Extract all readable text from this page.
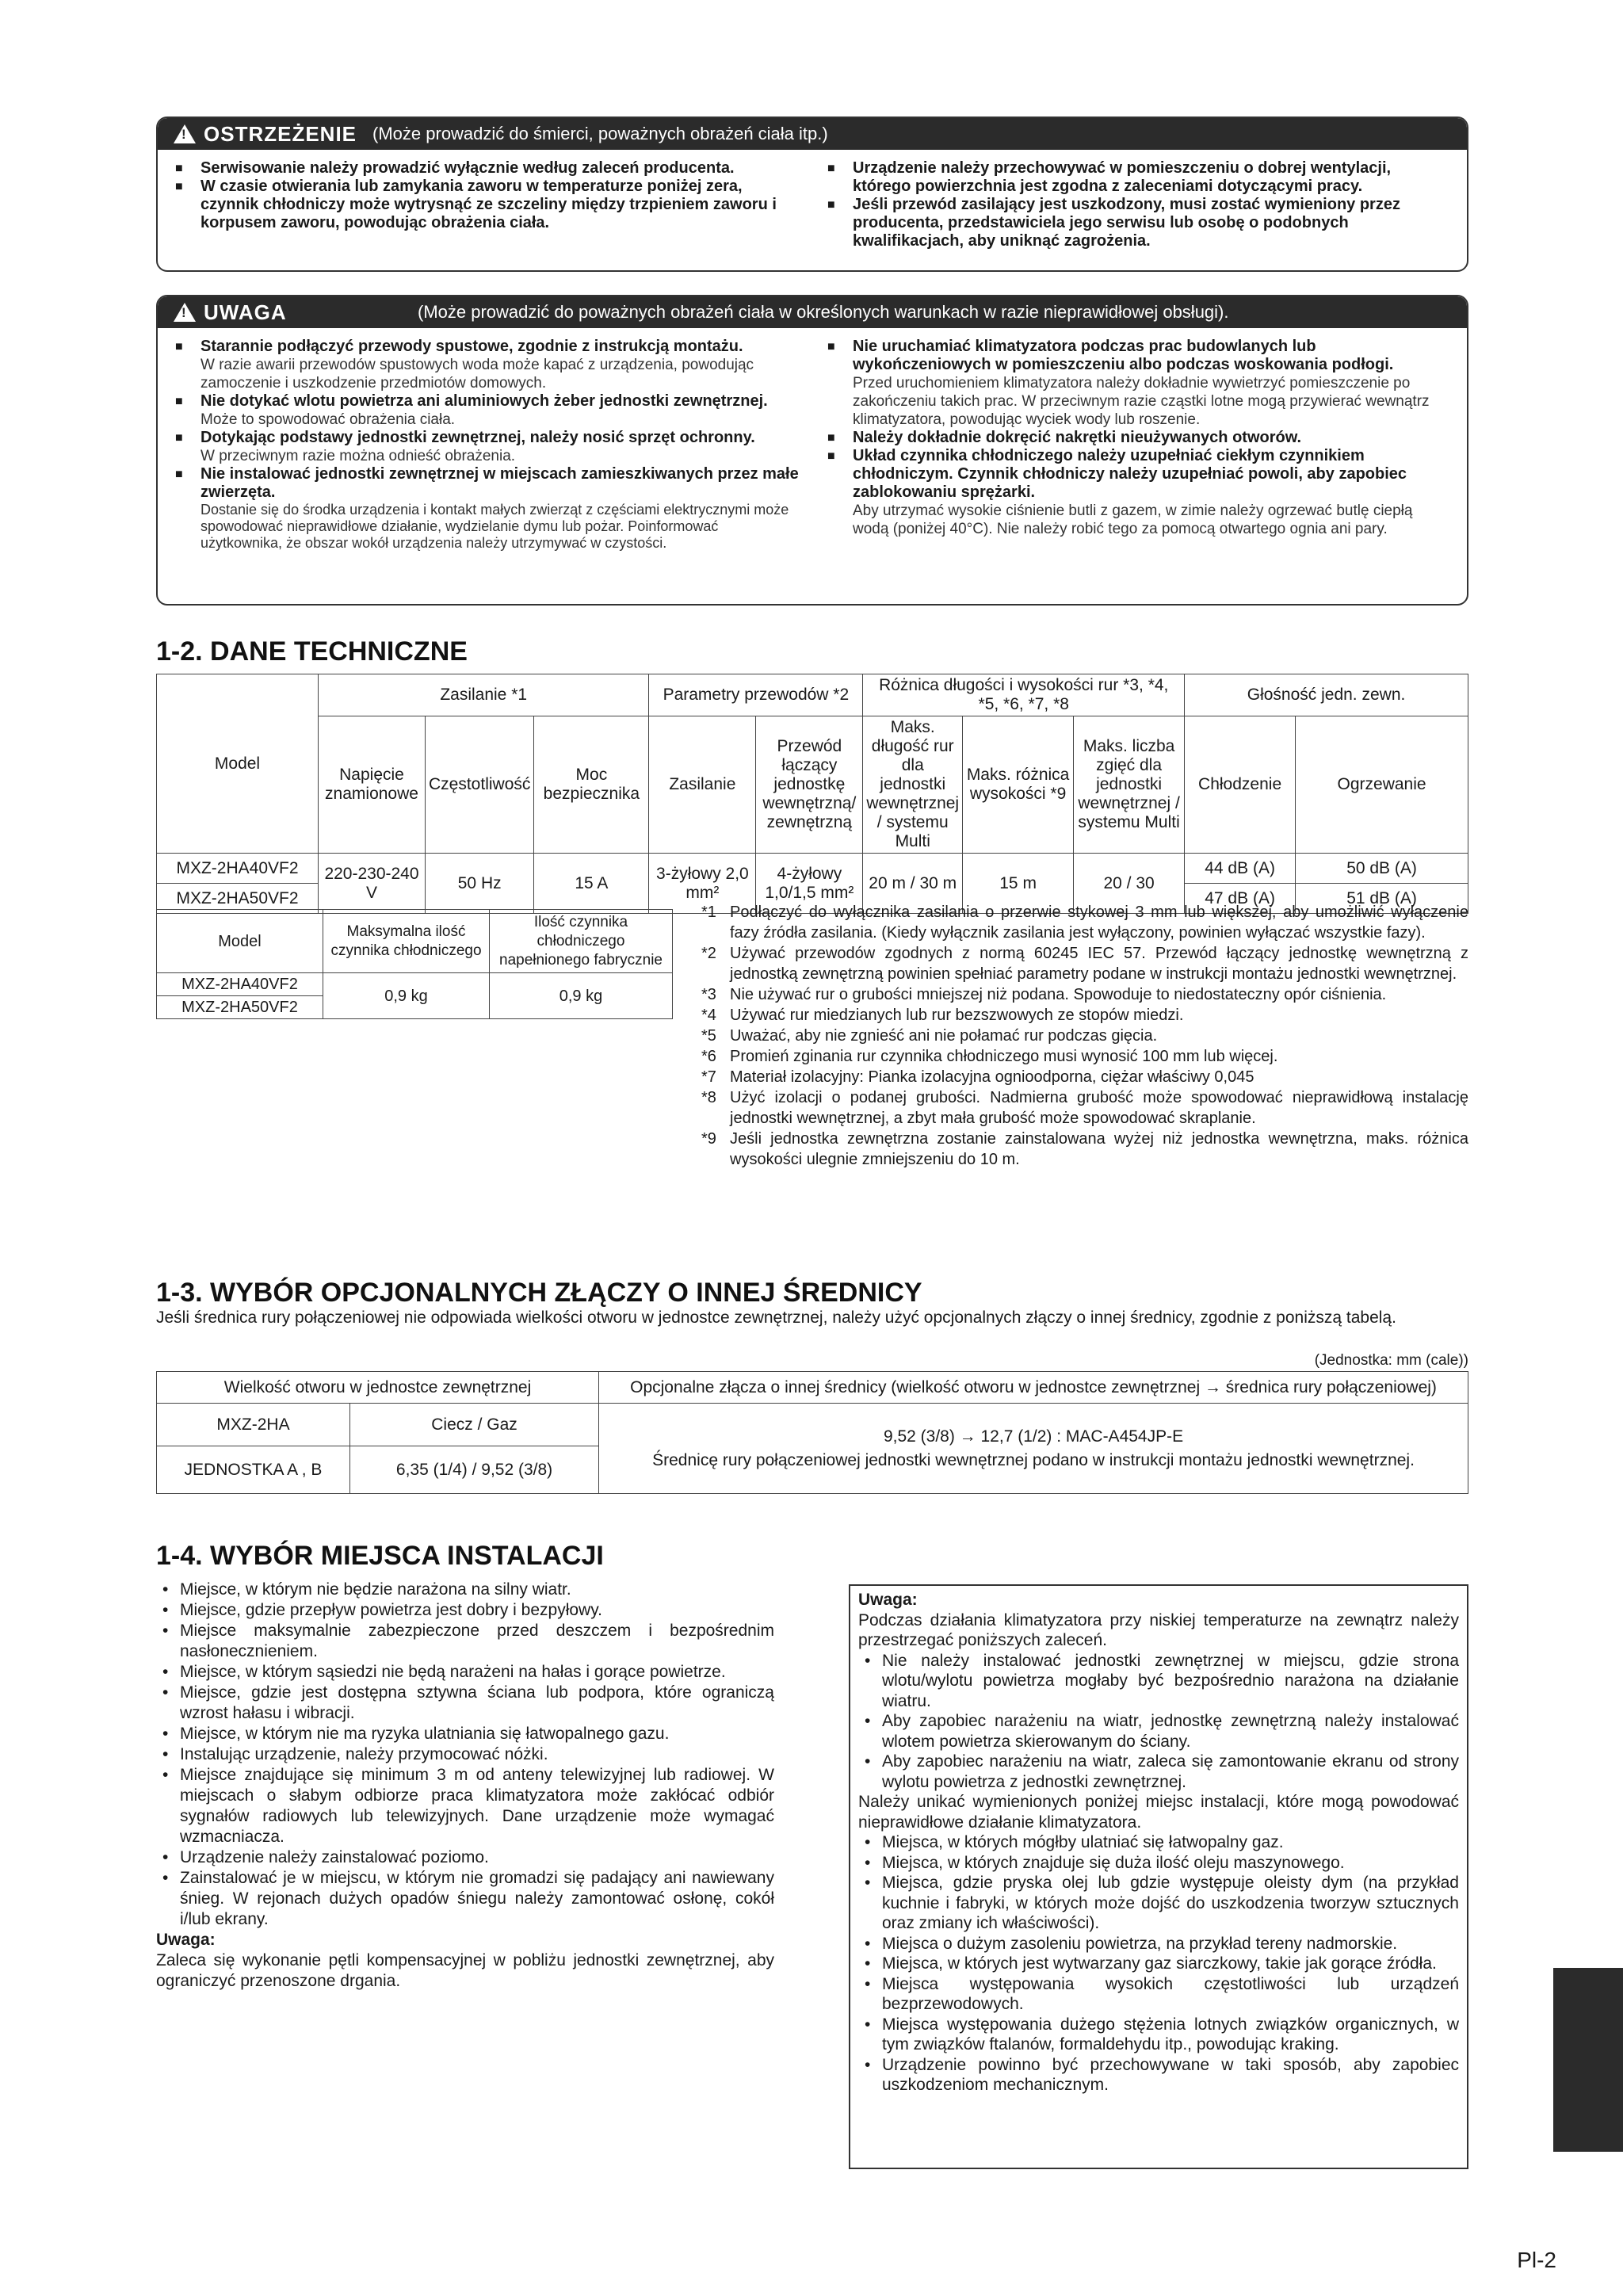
!
OSTRZEŻENIE (Może prowadzić do śmierci, poważnych obrażeń ciała itp.)
■ Serwisowanie należy prowadzić wyłącznie według zaleceń producenta.
■ W czasie otwierania lub zamykania zaworu w temperaturze poniżej zera, czynnik chłodniczy może wytrysnąć ze szczeliny między trzpieniem zaworu i korpusem zaworu, powodując obrażenia ciała.
■ Urządzenie należy przechowywać w pomieszczeniu o dobrej wentylacji, którego powierzchnia jest zgodna z zaleceniami dotyczącymi pracy.
■ Jeśli przewód zasilający jest uszkodzony, musi zostać wymieniony przez producenta, przedstawiciela jego serwisu lub osobę o podobnych kwalifikacjach, aby uniknąć zagrożenia.
!
UWAGA	(Może prowadzić do poważnych obrażeń ciała w określonych warunkach w razie nieprawidłowej obsługi).
■ Starannie podłączyć przewody spustowe, zgodnie z instrukcją montażu.
W razie awarii przewodów spustowych woda może kapać z urządzenia, powodując zamoczenie i uszkodzenie przedmiotów domowych.
■ Nie dotykać wlotu powietrza ani aluminiowych żeber jednostki zewnętrznej.
Może to spowodować obrażenia ciała.
■ Dotykając podstawy jednostki zewnętrznej, należy nosić sprzęt ochronny.
W przeciwnym razie można odnieść obrażenia.
■ Nie instalować jednostki zewnętrznej w miejscach zamieszkiwanych przez małe zwierzęta.
Dostanie się do środka urządzenia i kontakt małych zwierząt z częściami elektrycznymi może spowodować nieprawidłowe działanie, wydzielanie dymu lub pożar. Poinformować użytkownika, że obszar wokół urządzenia należy utrzymywać w czystości.
■ Nie uruchamiać klimatyzatora podczas prac budowlanych lub wykończeniowych w pomieszczeniu albo podczas woskowania podłogi.
Przed uruchomieniem klimatyzatora należy dokładnie wywietrzyć pomieszczenie po zakończeniu takich prac. W przeciwnym razie cząstki lotne mogą przywierać wewnątrz klimatyzatora, powodując wyciek wody lub roszenie.
■ Należy dokładnie dokręcić nakrętki nieużywanych otworów.
■ Układ czynnika chłodniczego należy uzupełniać ciekłym czynnikiem chłodniczym. Czynnik chłodniczy należy uzupełniać powoli, aby zapobiec zablokowaniu sprężarki.
Aby utrzymać wysokie ciśnienie butli z gazem, w zimie należy ogrzewać butlę ciepłą wodą (poniżej 40°C). Nie należy robić tego za pomocą otwartego ognia ani pary.
1-2. DANE TECHNICZNE
Model	Zasilanie *1			Parametry przewodów *2		Różnica długości i wysokości rur *3, *4, *5, *6, *7, *8			Głośność jedn. zewn.	
	Napięcie znamionowe	Częstotliwość	Moc bezpiecznika	Zasilanie	Przewód łączący jednostkę wewnętrzną/ zewnętrzną	Maks. długość rur dla jednostki wewnętrznej / systemu Multi	Maks. różnica wysokości *9	Maks. liczba zgięć dla jednostki wewnętrznej / systemu Multi	Chłodzenie	Ogrzewanie
MXZ-2HA40VF2	220-230-240 V	50 Hz	15 A	3-żyłowy 2,0 mm²	4-żyłowy 1,0/1,5 mm²	20 m / 30 m	15 m	20 / 30	44 dB (A)	50 dB (A)
MXZ-2HA50VF2									47 dB (A)	51 dB (A)
Model	Maksymalna ilość czynnika chłodniczego	Ilość czynnika chłodniczego napełnionego fabrycznie
MXZ-2HA40VF2	0,9 kg	0,9 kg
MXZ-2HA50VF2		
*1 Podłączyć do wyłącznika zasilania o przerwie stykowej 3 mm lub większej, aby umożliwić wyłączenie fazy źródła zasilania. (Kiedy wyłącznik zasilania jest wyłączony, powinien wyłączać wszystkie fazy).
*2 Używać przewodów zgodnych z normą 60245 IEC 57. Przewód łączący jednostkę wewnętrzną z jednostką zewnętrzną powinien spełniać parametry podane w instrukcji montażu jednostki wewnętrznej.
*3 Nie używać rur o grubości mniejszej niż podana. Spowoduje to niedostateczny opór ciśnienia.
*4 Używać rur miedzianych lub rur bezszwowych ze stopów miedzi.
*5 Uważać, aby nie zgnieść ani nie połamać rur podczas gięcia.
*6 Promień zginania rur czynnika chłodniczego musi wynosić 100 mm lub więcej.
*7 Materiał izolacyjny: Pianka izolacyjna ognioodporna, ciężar właściwy 0,045
*8 Użyć izolacji o podanej grubości. Nadmierna grubość może spowodować nieprawidłową instalację jednostki wewnętrznej, a zbyt mała grubość może spowodować skraplanie.
*9 Jeśli jednostka zewnętrzna zostanie zainstalowana wyżej niż jednostka wewnętrzna, maks. różnica wysokości ulegnie zmniejszeniu do 10 m.
1-3. WYBÓR OPCJONALNYCH ZŁĄCZY O INNEJ ŚREDNICY
Jeśli średnica rury połączeniowej nie odpowiada wielkości otworu w jednostce zewnętrznej, należy użyć opcjonalnych złączy o innej średnicy, zgodnie z poniższą tabelą.
(Jednostka: mm (cale))
Wielkość otworu w jednostce zewnętrznej		Opcjonalne złącza o innej średnicy (wielkość otworu w jednostce zewnętrznej → średnica rury połączeniowej)
MXZ-2HA	Ciecz / Gaz	9,52 (3/8) → 12,7 (1/2) : MAC-A454JP-E
Średnicę rury połączeniowej jednostki wewnętrznej podano w instrukcji montażu jednostki wewnętrznej.

JEDNOSTKA A , B	6,35 (1/4) / 9,52 (3/8)	
1-4. WYBÓR MIEJSCA INSTALACJI
• Miejsce, w którym nie będzie narażona na silny wiatr.
• Miejsce, gdzie przepływ powietrza jest dobry i bezpyłowy.
• Miejsce maksymalnie zabezpieczone przed deszczem i bezpośrednim nasłonecznieniem.
• Miejsce, w którym sąsiedzi nie będą narażeni na hałas i gorące powietrze.
• Miejsce, gdzie jest dostępna sztywna ściana lub podpora, które ograniczą wzrost hałasu i wibracji.
• Miejsce, w którym nie ma ryzyka ulatniania się łatwopalnego gazu.
• Instalując urządzenie, należy przymocować nóżki.
• Miejsce znajdujące się minimum 3 m od anteny telewizyjnej lub radiowej. W miejscach o słabym odbiorze praca klimatyzatora może zakłócać odbiór sygnałów radiowych lub telewizyjnych. Dane urządzenie może wymagać wzmacniacza.
• Urządzenie należy zainstalować poziomo.
• Zainstalować je w miejscu, w którym nie gromadzi się padający ani nawiewany śnieg. W rejonach dużych opadów śniegu należy zamontować osłonę, cokół i/lub ekrany.
Uwaga:
Zaleca się wykonanie pętli kompensacyjnej w pobliżu jednostki zewnętrznej, aby ograniczyć przenoszone drgania.
Uwaga:
Podczas działania klimatyzatora przy niskiej temperaturze na zewnątrz należy przestrzegać poniższych zaleceń.
• Nie należy instalować jednostki zewnętrznej w miejscu, gdzie strona wlotu/wylotu powietrza mogłaby być bezpośrednio narażona na działanie wiatru.
• Aby zapobiec narażeniu na wiatr, jednostkę zewnętrzną należy instalować wlotem powietrza skierowanym do ściany.
• Aby zapobiec narażeniu na wiatr, zaleca się zamontowanie ekranu od strony wylotu powietrza z jednostki zewnętrznej.
Należy unikać wymienionych poniżej miejsc instalacji, które mogą powodować nieprawidłowe działanie klimatyzatora.
• Miejsca, w których mógłby ulatniać się łatwopalny gaz.
• Miejsca, w których znajduje się duża ilość oleju maszynowego.
• Miejsca, gdzie pryska olej lub gdzie występuje oleisty dym (na przykład kuchnie i fabryki, w których może dojść do uszkodzenia tworzyw sztucznych oraz zmiany ich właściwości).
• Miejsca o dużym zasoleniu powietrza, na przykład tereny nadmorskie.
• Miejsca, w których jest wytwarzany gaz siarczkowy, takie jak gorące źródła.
• Miejsca występowania wysokich częstotliwości lub urządzeń bezprzewodowych.
• Miejsca występowania dużego stężenia lotnych związków organicznych, w tym związków ftalanów, formaldehydu itp., powodując kraking.
• Urządzenie powinno być przechowywane w taki sposób, aby zapobiec uszkodzeniom mechanicznym.
Pl-2
